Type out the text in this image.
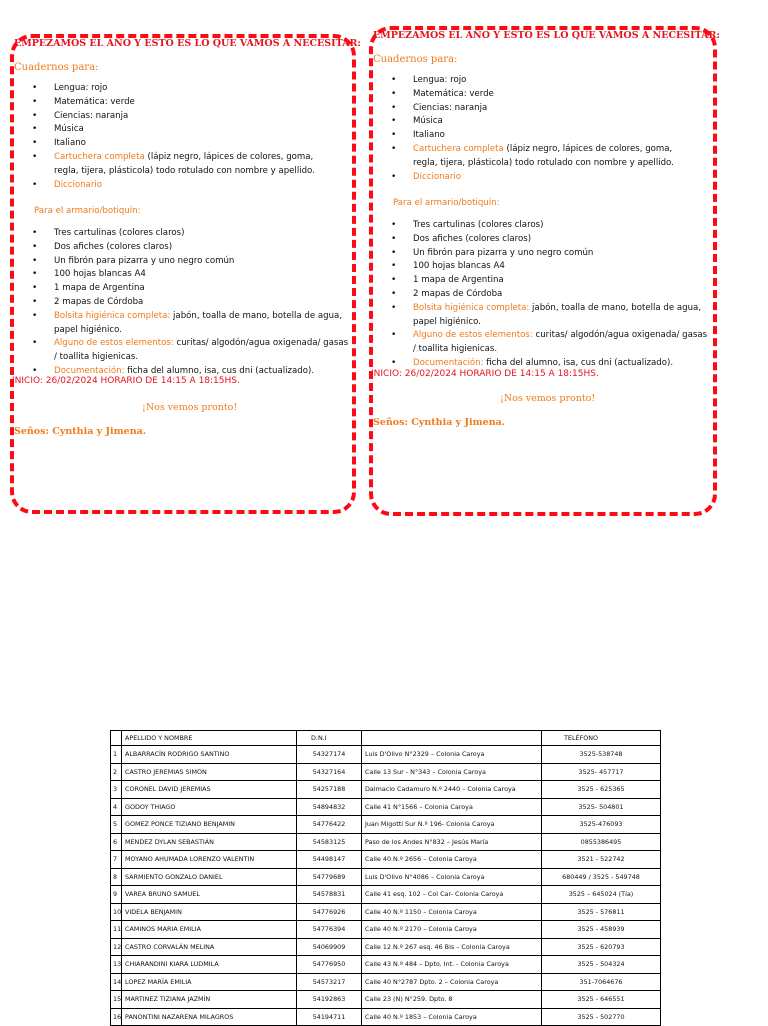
EMPEZAMOS EL AÑO Y ESTO ES LO QUE VAMOS A NECESITAR:
Cuadernos para:
• Lengua: rojo
• Matemática: verde
• Ciencias: naranja
• Música
• Italiano
• Cartuchera completa (lápiz negro, lápices de colores, goma, regla, tijera, plásticola) todo rotulado con nombre y apellido.
• Diccionario
Para el armario/botiquín:
• Tres cartulinas (colores claros)
• Dos afiches (colores claros)
• Un fibrón para pizarra y uno negro común
• 100 hojas blancas A4
• 1 mapa de Argentina
• 2 mapas de Córdoba
• Bolsita higiénica completa: jabón, toalla de mano, botella de agua, papel higiénico.
• Alguno de estos elementos: curitas/ algodón/agua oxigenada/ gasas / toallita higienicas.
• Documentación: ficha del alumno, isa, cus dni (actualizado).
INICIO: 26/02/2024 HORARIO DE 14:15 A 18:15HS.
¡Nos vemos pronto!
Seños: Cynthia y Jimena.
EMPEZAMOS EL AÑO Y ESTO ES LO QUE VAMOS A NECESITAR:
Cuadernos para:
• Lengua: rojo
• Matemática: verde
• Ciencias: naranja
• Música
• Italiano
• Cartuchera completa (lápiz negro, lápices de colores, goma, regla, tijera, plásticola) todo rotulado con nombre y apellido.
• Diccionario
Para el armario/botiquín:
• Tres cartulinas (colores claros)
• Dos afiches (colores claros)
• Un fibrón para pizarra y uno negro común
• 100 hojas blancas A4
• 1 mapa de Argentina
• 2 mapas de Córdoba
• Bolsita higiénica completa: jabón, toalla de mano, botella de agua, papel higiénico.
• Alguno de estos elementos: curitas/ algodón/agua oxigenada/ gasas / toallita higienicas.
• Documentación: ficha del alumno, isa, cus dni (actualizado).
INICIO: 26/02/2024 HORARIO DE 14:15 A 18:15HS.
¡Nos vemos pronto!
Seños: Cynthia y Jimena.
	APELLIDO Y NOMBRE	D.N.I		TELÉFONO
1	ALBARRACÍN RODRIGO SANTINO	54327174	Luis D'Olivo N°2329 – Colonia Caroya	3525-538748
2	CASTRO JEREMIAS SIMON	54327164	Calle 13 Sur - N°343 – Colonia Caroya	3525- 457717
3	CORONEL DAVID JEREMIAS	54257188	Dalmacio Cadamuro N.º 2440 – Colonia Caroya	3525 - 625365
4	GODOY THIAGO	54894832	Calle 41 N°1566 – Colonia Caroya	3525- 504801
5	GOMEZ PONCE TIZIANO BENJAMIN	54776422	Juan Migotti Sur N.º 196- Colonia Caroya	3525-476093
6	MENDEZ DYLAN SEBASTIÁN	54583125	Paso de los Andes N°832 – Jesús María	0855386495
7	MOYANO AHUMADA LORENZO VALENTIN	54498147	Calle 40 N.º 2656 – Colonia Caroya	3521 - 522742
8	SARMIENTO GONZALO DANIEL	54779689	Luis D'Olivo N°4086 – Colonia Caroya	680449 / 3525 - 549748
9	VAREA BRUNO SAMUEL	54578831	Calle 41 esq. 102 – Col Car- Colonia Caroya	3525 – 645024 (Tía)
10	VIDELA BENJAMIN	54776926	Calle 40 N.º 1150 – Colonia Caroya	3525 - 576811
11	CAMINOS MARIA EMILIA	54776394	Calle 40 N.º 2170 – Colonia Caroya	3525 - 458939
12	CASTRO CORVALÁN MELINA	54069909	Calle 12 N.º 267 esq. 46 Bis – Colonia Caroya	3525 - 620793
13	CHIARANDINI KIARA LUDMILA	54776950	Calle 43 N.º 484 – Dpto. Int. - Colonia Caroya	3525 - 504324
14	LOPEZ MARÍA EMILIA	54573217	Calle 40 N°2787 Dpto. 2 – Colonia Caroya	351-7064676
15	MARTINEZ TIZIANA JAZMÍN	54192863	Calle 23 (N) N°259. Dpto. 8	3525 - 646551
16	PANONTINI NAZARENA MILAGROS	54194711	Calle 40 N.º 1853 – Colonia Caroya	3525 - 502770
